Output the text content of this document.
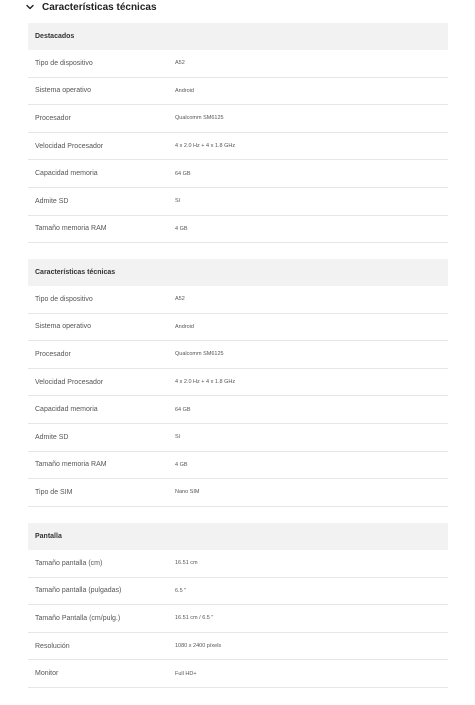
Características técnicas
Destacados
Tipo de dispositivo	A52
Sistema operativo	Android
Procesador	Qualcomm SM6125
Velocidad Procesador	4 x 2.0 Hz + 4 x 1.8 GHz
Capacidad memoria	64 GB
Admite SD	Sí
Tamaño memoria RAM	4 GB
Características técnicas
Tipo de dispositivo	A52
Sistema operativo	Android
Procesador	Qualcomm SM6125
Velocidad Procesador	4 x 2.0 Hz + 4 x 1.8 GHz
Capacidad memoria	64 GB
Admite SD	Sí
Tamaño memoria RAM	4 GB
Tipo de SIM	Nano SIM
Pantalla
Tamaño pantalla (cm)	16.51 cm
Tamaño pantalla (pulgadas)	6.5 "
Tamaño Pantalla (cm/pulg.)	16.51 cm / 6.5 "
Resolución	1080 x 2400 píxels
Monitor	Full HD+
